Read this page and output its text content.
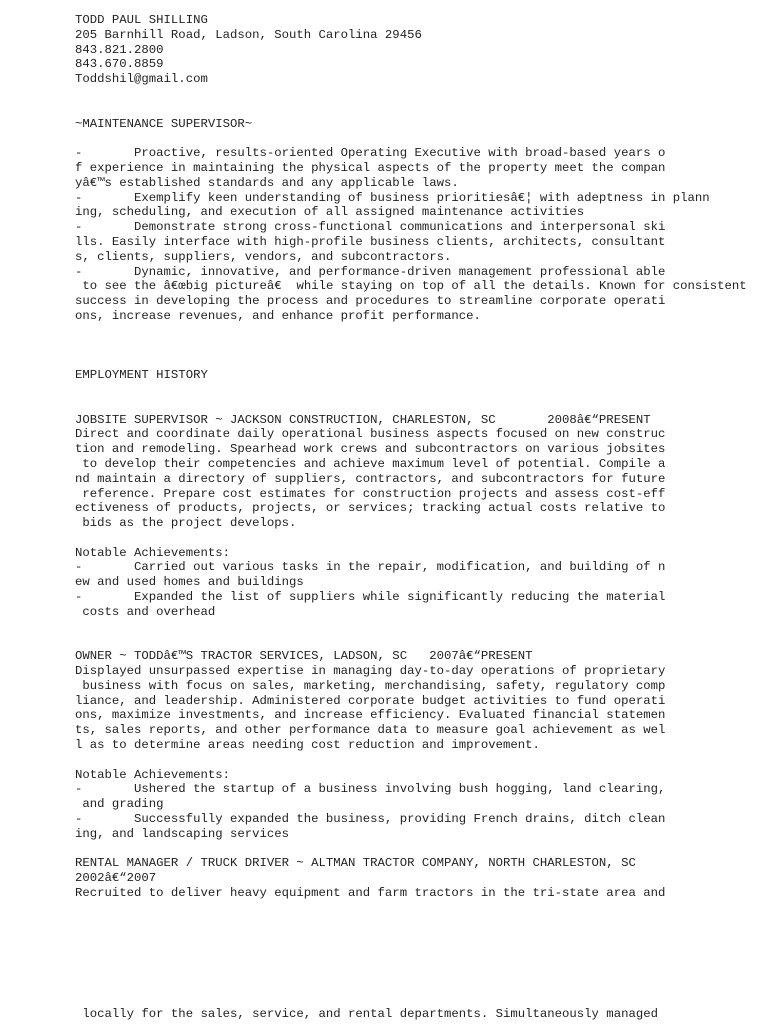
TODD PAUL SHILLING
205 Barnhill Road, Ladson, South Carolina 29456
843.821.2800
843.670.8859
Toddshil@gmail.com
~MAINTENANCE SUPERVISOR~
-       Proactive, results-oriented Operating Executive with broad-based years o
f experience in maintaining the physical aspects of the property meet the compan
yâ€™s established standards and any applicable laws.
-       Exemplify keen understanding of business prioritiesâ€¦ with adeptness in plann
ing, scheduling, and execution of all assigned maintenance activities
-       Demonstrate strong cross-functional communications and interpersonal ski
lls. Easily interface with high-profile business clients, architects, consultant
s, clients, suppliers, vendors, and subcontractors.
-       Dynamic, innovative, and performance-driven management professional able
to see the â€œbig pictureâ€ while staying on top of all the details. Known for consistent
success in developing the process and procedures to streamline corporate operati
ons, increase revenues, and enhance profit performance.
EMPLOYMENT HISTORY
JOBSITE SUPERVISOR ~ JACKSON CONSTRUCTION, CHARLESTON, SC       2008â€“PRESENT
Direct and coordinate daily operational business aspects focused on new construc
tion and remodeling. Spearhead work crews and subcontractors on various jobsites
to develop their competencies and achieve maximum level of potential. Compile a
nd maintain a directory of suppliers, contractors, and subcontractors for future
reference. Prepare cost estimates for construction projects and assess cost-eff
ectiveness of products, projects, or services; tracking actual costs relative to
bids as the project develops.
Notable Achievements:
-       Carried out various tasks in the repair, modification, and building of n
ew and used homes and buildings
-       Expanded the list of suppliers while significantly reducing the material
costs and overhead
OWNER ~ TODDâ€™S TRACTOR SERVICES, LADSON, SC   2007â€“PRESENT
Displayed unsurpassed expertise in managing day-to-day operations of proprietary
business with focus on sales, marketing, merchandising, safety, regulatory comp
liance, and leadership. Administered corporate budget activities to fund operati
ons, maximize investments, and increase efficiency. Evaluated financial statemen
ts, sales reports, and other performance data to measure goal achievement as wel
l as to determine areas needing cost reduction and improvement.
Notable Achievements:
-       Ushered the startup of a business involving bush hogging, land clearing,
and grading
-       Successfully expanded the business, providing French drains, ditch clean
ing, and landscaping services
RENTAL MANAGER / TRUCK DRIVER ~ ALTMAN TRACTOR COMPANY, NORTH CHARLESTON, SC
2002â€“2007
Recruited to deliver heavy equipment and farm tractors in the tri-state area and
locally for the sales, service, and rental departments. Simultaneously managed
